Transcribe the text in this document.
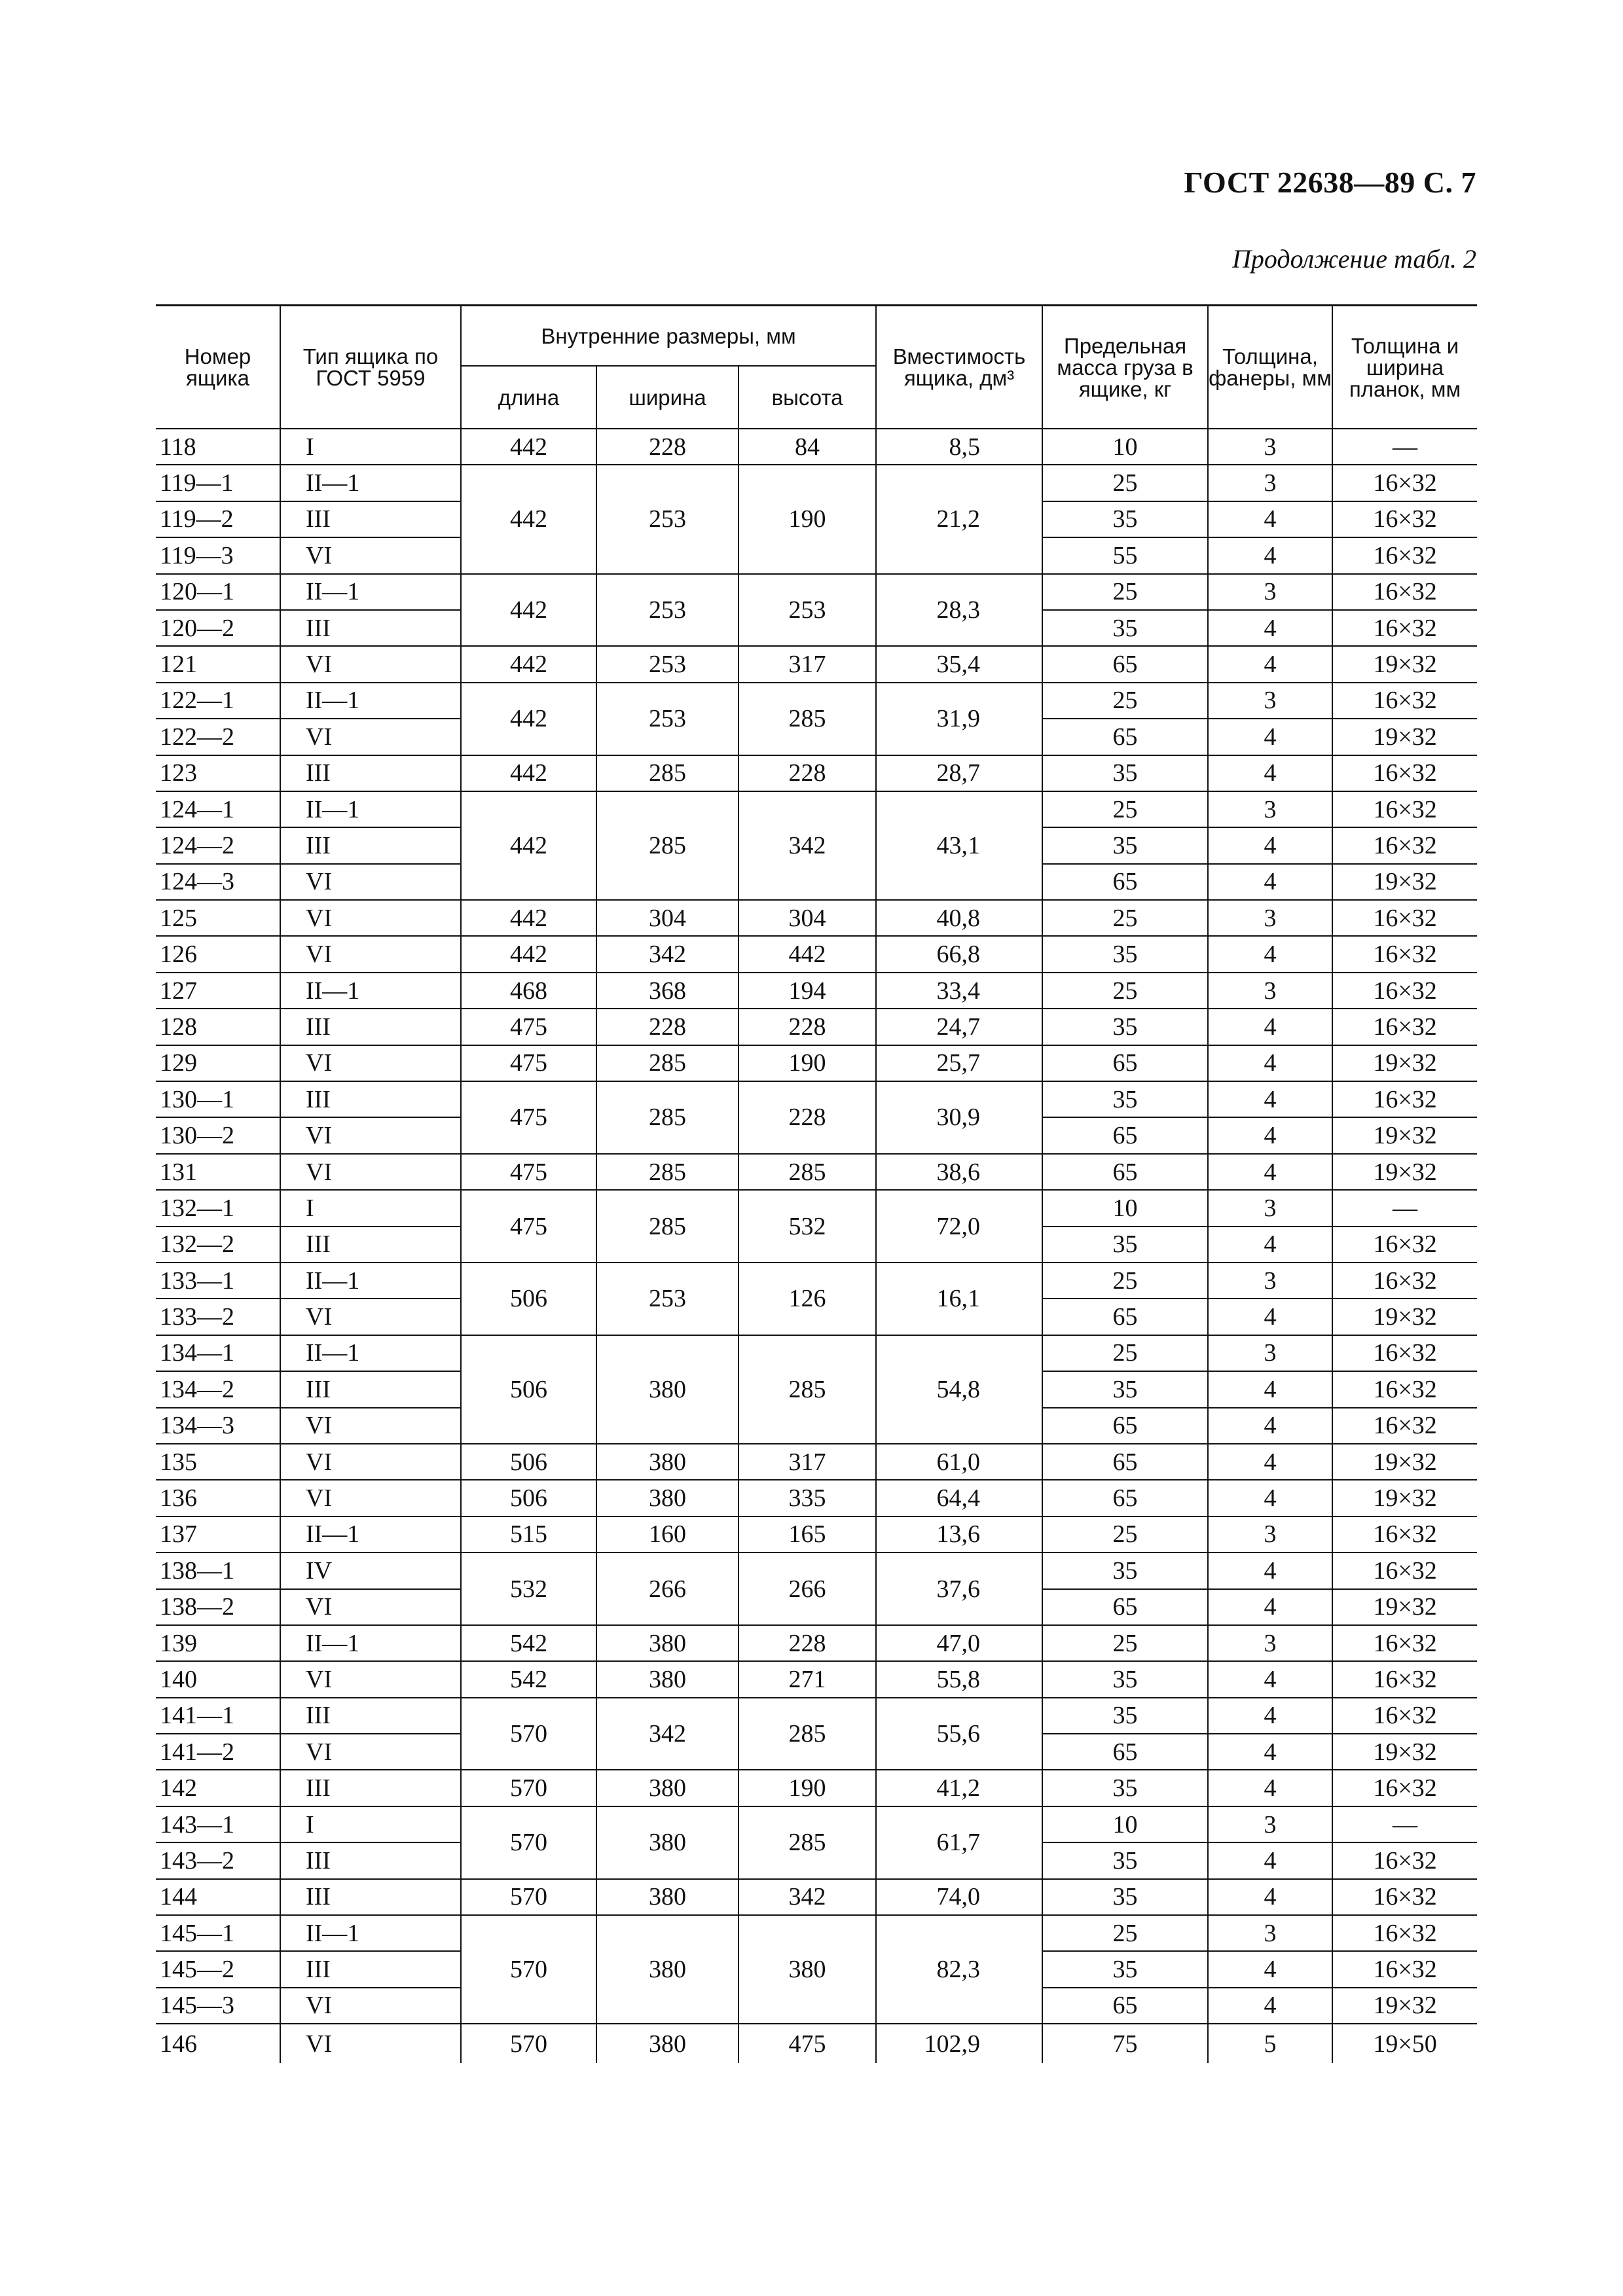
ГОСТ 22638—89 С. 7
Продолжение табл. 2
Номер ящика	Тип ящика по ГОСТ 5959	Внутренние размеры, мм			Вместимость ящика, дм³	Предельная масса груза в ящике, кг	Толщина, фанеры, мм	Толщина и ширина планок, мм
		длина	ширина	высота				
118	I	442	228	84	8,5	10	3	—
119—1	II—1	442	253	190	21,2	25	3	16×32
119—2	III					35	4	16×32
119—3	VI					55	4	16×32
120—1	II—1	442	253	253	28,3	25	3	16×32
120—2	III					35	4	16×32
121	VI	442	253	317	35,4	65	4	19×32
122—1	II—1	442	253	285	31,9	25	3	16×32
122—2	VI					65	4	19×32
123	III	442	285	228	28,7	35	4	16×32
124—1	II—1	442	285	342	43,1	25	3	16×32
124—2	III					35	4	16×32
124—3	VI					65	4	19×32
125	VI	442	304	304	40,8	25	3	16×32
126	VI	442	342	442	66,8	35	4	16×32
127	II—1	468	368	194	33,4	25	3	16×32
128	III	475	228	228	24,7	35	4	16×32
129	VI	475	285	190	25,7	65	4	19×32
130—1	III	475	285	228	30,9	35	4	16×32
130—2	VI					65	4	19×32
131	VI	475	285	285	38,6	65	4	19×32
132—1	I	475	285	532	72,0	10	3	—
132—2	III					35	4	16×32
133—1	II—1	506	253	126	16,1	25	3	16×32
133—2	VI					65	4	19×32
134—1	II—1	506	380	285	54,8	25	3	16×32
134—2	III					35	4	16×32
134—3	VI					65	4	16×32
135	VI	506	380	317	61,0	65	4	19×32
136	VI	506	380	335	64,4	65	4	19×32
137	II—1	515	160	165	13,6	25	3	16×32
138—1	IV	532	266	266	37,6	35	4	16×32
138—2	VI					65	4	19×32
139	II—1	542	380	228	47,0	25	3	16×32
140	VI	542	380	271	55,8	35	4	16×32
141—1	III	570	342	285	55,6	35	4	16×32
141—2	VI					65	4	19×32
142	III	570	380	190	41,2	35	4	16×32
143—1	I	570	380	285	61,7	10	3	—
143—2	III					35	4	16×32
144	III	570	380	342	74,0	35	4	16×32
145—1	II—1	570	380	380	82,3	25	3	16×32
145—2	III					35	4	16×32
145—3	VI					65	4	19×32
146	VI	570	380	475	102,9	75	5	19×50
